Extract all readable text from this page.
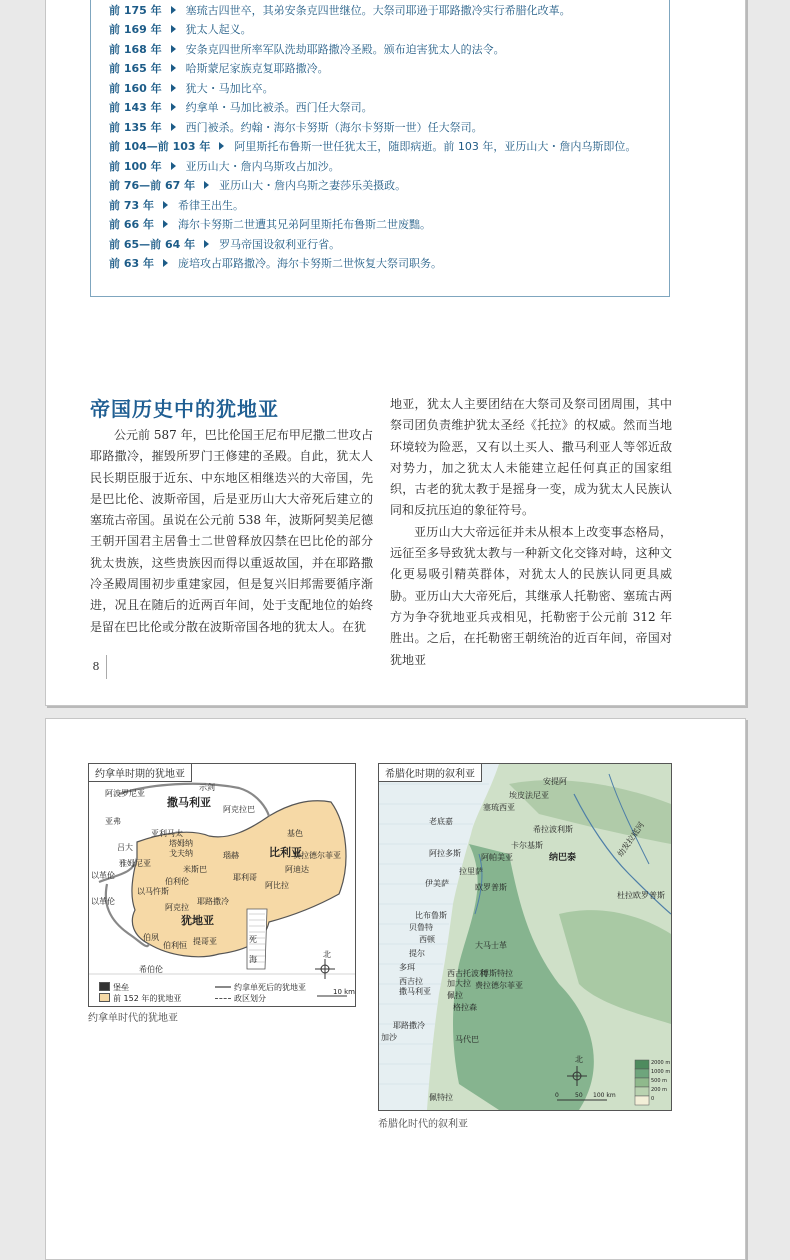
前 175 年 塞琉古四世卒，其弟安条克四世继位。大祭司耶逊于耶路撒冷实行希腊化改革。
前 169 年 犹太人起义。
前 168 年 安条克四世所率军队洗劫耶路撒冷圣殿。颁布迫害犹太人的法令。
前 165 年 哈斯蒙尼家族克复耶路撒冷。
前 160 年 犹大・马加比卒。
前 143 年 约拿单・马加比被杀。西门任大祭司。
前 135 年 西门被杀。约翰・海尔卡努斯（海尔卡努斯一世）任大祭司。
前 104—前 103 年 阿里斯托布鲁斯一世任犹太王，随即病逝。前 103 年，亚历山大・詹内乌斯即位。
前 100 年 亚历山大・詹内乌斯攻占加沙。
前 76—前 67 年 亚历山大・詹内乌斯之妻莎乐美摄政。
前 73 年 希律王出生。
前 66 年 海尔卡努斯二世遭其兄弟阿里斯托布鲁斯二世废黜。
前 65—前 64 年 罗马帝国设叙利亚行省。
前 63 年 庞培攻占耶路撒冷。海尔卡努斯二世恢复大祭司职务。
帝国历史中的犹地亚

公元前 587 年，巴比伦国王尼布甲尼撒二世攻占耶路撒冷，摧毁所罗门王修建的圣殿。自此，犹太人民长期臣服于近东、中东地区相继迭兴的大帝国，先是巴比伦、波斯帝国，后是亚历山大大帝死后建立的塞琉古帝国。虽说在公元前 538 年，波斯阿契美尼德王朝开国君主居鲁士二世曾释放囚禁在巴比伦的部分犹太贵族，这些贵族因而得以重返故国，并在耶路撒冷圣殿周围初步重建家园，但是复兴旧邦需要循序渐进，况且在随后的近两百年间，处于支配地位的始终是留在巴比伦或分散在波斯帝国各地的犹太人。在犹

地亚，犹太人主要团结在大祭司及祭司团周围，其中祭司团负责维护犹太圣经《托拉》的权威。然而当地环境较为险恶，又有以土买人、撒马利亚人等邻近敌对势力，加之犹太人未能建立起任何真正的国家组织，古老的犹太教于是摇身一变，成为犹太人民族认同和反抗压迫的象征符号。

亚历山大大帝远征并未从根本上改变事态格局，远征至多导致犹太教与一种新文化交锋对峙，这种文化更易吸引精英群体，对犹太人的民族认同更具威胁。亚历山大大帝死后，其继承人托勒密、塞琉古两方为争夺犹地亚兵戎相见，托勒密于公元前 312 年胜出。之后，在托勒密王朝统治的近百年间，帝国对犹地亚

8
约拿单时期的犹地亚
撒马利亚
比利亚
犹地亚
死
海
阿波罗尼亚
示剑
阿克拉巴
亚弗
亚利马太
塔姆纳
戈夫纳
吕大
基色
雅姆尼亚
耶利哥
以马忤斯
米斯巴
伯利伦
耶路撒冷
阿克拉
伯利恒 提哥亚
伯夙
希伯伦
费拉德尔菲亚
阿比拉
以革伦
以革伦
瑙赫
阿迪达
北
10 km
堡垒
前 152 年的犹地亚
约拿单死后的犹地亚
政区划分
约拿单时代的犹地亚
希腊化时期的叙利亚
安提阿
埃皮法尼亚
塞琉西亚
老底嘉
希拉波利斯
卡尔基斯
阿拉多斯	阿帕美亚
拉里萨
伊美萨	欧罗普斯
杜拉欧罗普斯
比布鲁斯
贝鲁特
西顿
大马士革
提尔
多珥
西古托波利
博斯特拉
西吉拉	加大拉 费拉德尔菲亚
撒马利亚 佩拉
格拉森
耶路撒冷
加沙	马代巴
佩特拉
纳巴泰	幼发拉底河
北
0	50 100 km
2000 m
1000 m
500 m
200 m
0
希腊化时代的叙利亚
